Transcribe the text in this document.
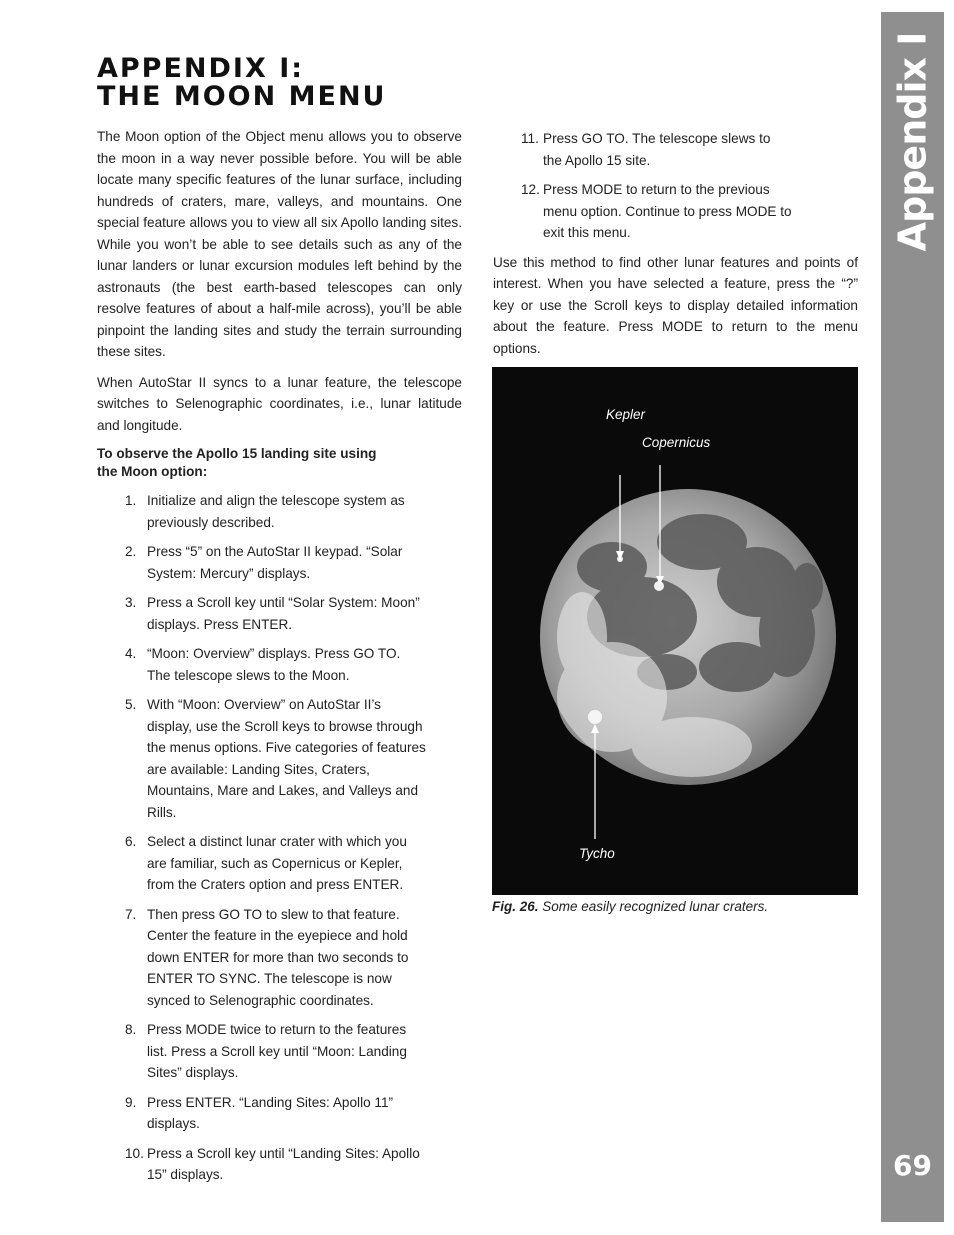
Appendix I
69
APPENDIX I:
THE MOON MENU

The Moon option of the Object menu allows you to observe the moon in a way never possible before. You will be able locate many specific features of the lunar surface, including hundreds of craters, mare, valleys, and mountains. One special feature allows you to view all six Apollo landing sites. While you won’t be able to see details such as any of the lunar landers or lunar excursion modules left behind by the astronauts (the best earth-based telescopes can only resolve features of about a half-mile across), you’ll be able pinpoint the landing sites and study the terrain surrounding these sites.

When AutoStar II syncs to a lunar feature, the telescope switches to Selenographic coordinates, i.e., lunar latitude and longitude.

To observe the Apollo 15 landing site using the Moon option:

1. Initialize and align the telescope system as previously described.
2. Press “5” on the AutoStar II keypad. “Solar System: Mercury” displays.
3. Press a Scroll key until “Solar System: Moon” displays. Press ENTER.
4. “Moon: Overview” displays. Press GO TO. The telescope slews to the Moon.
5. With “Moon: Overview” on AutoStar II’s display, use the Scroll keys to browse through the menus options. Five categories of features are available: Landing Sites, Craters, Mountains, Mare and Lakes, and Valleys and Rills.
6. Select a distinct lunar crater with which you are familiar, such as Copernicus or Kepler, from the Craters option and press ENTER.
7. Then press GO TO to slew to that feature. Center the feature in the eyepiece and hold down ENTER for more than two seconds to ENTER TO SYNC. The telescope is now synced to Selenographic coordinates.
8. Press MODE twice to return to the features list. Press a Scroll key until “Moon: Landing Sites” displays.
9. Press ENTER. “Landing Sites: Apollo 11” displays.
10. Press a Scroll key until “Landing Sites: Apollo 15” displays.
11. Press GO TO. The telescope slews to the Apollo 15 site.
12. Press MODE to return to the previous menu option. Continue to press MODE to exit this menu.

Use this method to find other lunar features and points of interest. When you have selected a feature, press the “?” key or use the Scroll keys to display detailed information about the feature. Press MODE to return to the menu options.

Kepler
Copernicus
Tycho
Fig. 26. Some easily recognized lunar craters.
